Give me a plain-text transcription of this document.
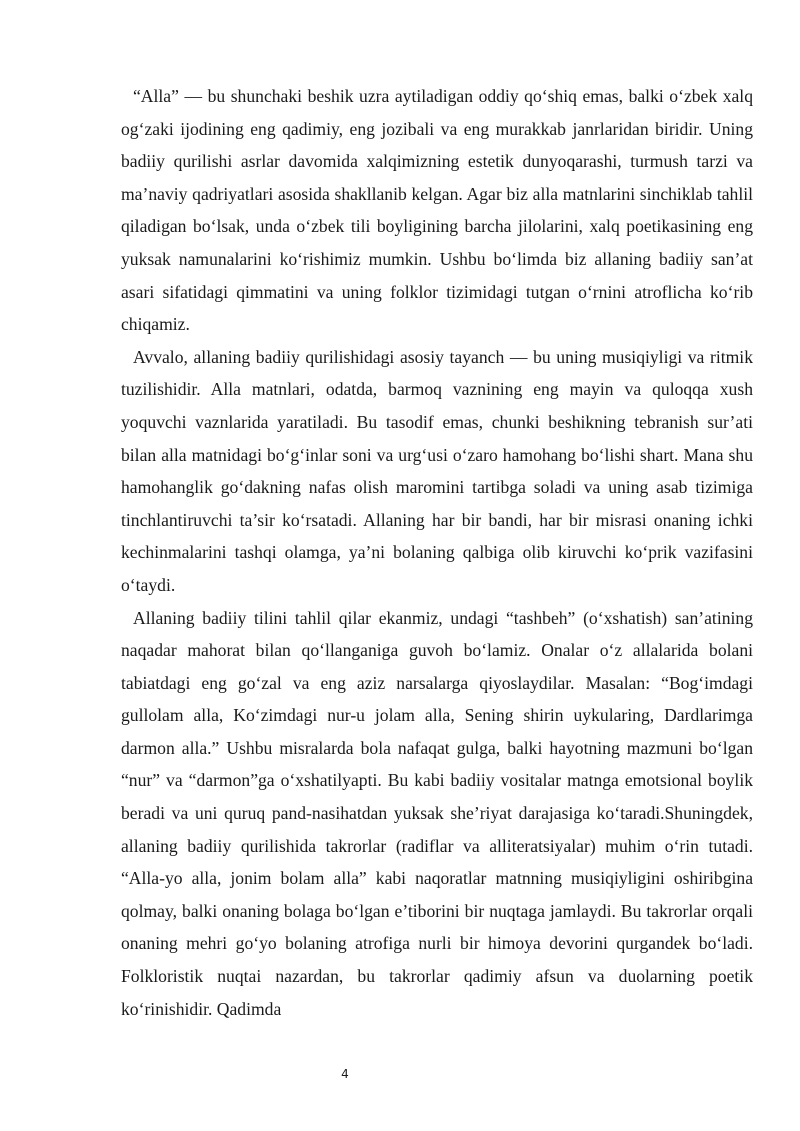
“Alla” — bu shunchaki beshik uzra aytiladigan oddiy qo‘shiq emas, balki o‘zbek xalq og‘zaki ijodining eng qadimiy, eng jozibali va eng murakkab janrlaridan biridir. Uning badiiy qurilishi asrlar davomida xalqimizning estetik dunyoqarashi, turmush tarzi va ma’naviy qadriyatlari asosida shakllanib kelgan. Agar biz alla matnlarini sinchiklab tahlil qiladigan bo‘lsak, unda o‘zbek tili boyligining barcha jilolarini, xalq poetikasining eng yuksak namunalarini ko‘rishimiz mumkin. Ushbu bo‘limda biz allaning badiiy san’at asari sifatidagi qimmatini va uning folklor tizimidagi tutgan o‘rnini atroflicha ko‘rib chiqamiz.

Avvalo, allaning badiiy qurilishidagi asosiy tayanch — bu uning musiqiyligi va ritmik tuzilishidir. Alla matnlari, odatda, barmoq vaznining eng mayin va quloqqa xush yoquvchi vaznlarida yaratiladi. Bu tasodif emas, chunki beshikning tebranish sur’ati bilan alla matnidagi bo‘g‘inlar soni va urg‘usi o‘zaro hamohang bo‘lishi shart. Mana shu hamohanglik go‘dakning nafas olish maromini tartibga soladi va uning asab tizimiga tinchlantiruvchi ta’sir ko‘rsatadi. Allaning har bir bandi, har bir misrasi onaning ichki kechinmalarini tashqi olamga, ya’ni bolaning qalbiga olib kiruvchi ko‘prik vazifasini o‘taydi.

Allaning badiiy tilini tahlil qilar ekanmiz, undagi “tashbeh” (o‘xshatish) san’atining naqadar mahorat bilan qo‘llanganiga guvoh bo‘lamiz. Onalar o‘z allalarida bolani tabiatdagi eng go‘zal va eng aziz narsalarga qiyoslaydilar. Masalan: “Bog‘imdagi gullolam alla, Ko‘zimdagi nur-u jolam alla, Sening shirin uykularing, Dardlarimga darmon alla.” Ushbu misralarda bola nafaqat gulga, balki hayotning mazmuni bo‘lgan “nur” va “darmon”ga o‘xshatilyapti. Bu kabi badiiy vositalar matnga emotsional boylik beradi va uni quruq pand-nasihatdan yuksak she’riyat darajasiga ko‘taradi.Shuningdek, allaning badiiy qurilishida takrorlar (radiflar va alliteratsiyalar) muhim o‘rin tutadi. “Alla-yo alla, jonim bolam alla” kabi naqoratlar matnning musiqiyligini oshiribgina qolmay, balki onaning bolaga bo‘lgan e’tiborini bir nuqtaga jamlaydi. Bu takrorlar orqali onaning mehri go‘yo bolaning atrofiga nurli bir himoya devorini qurgandek bo‘ladi. Folkloristik nuqtai nazardan, bu takrorlar qadimiy afsun va duolarning poetik ko‘rinishidir. Qadimda

4
